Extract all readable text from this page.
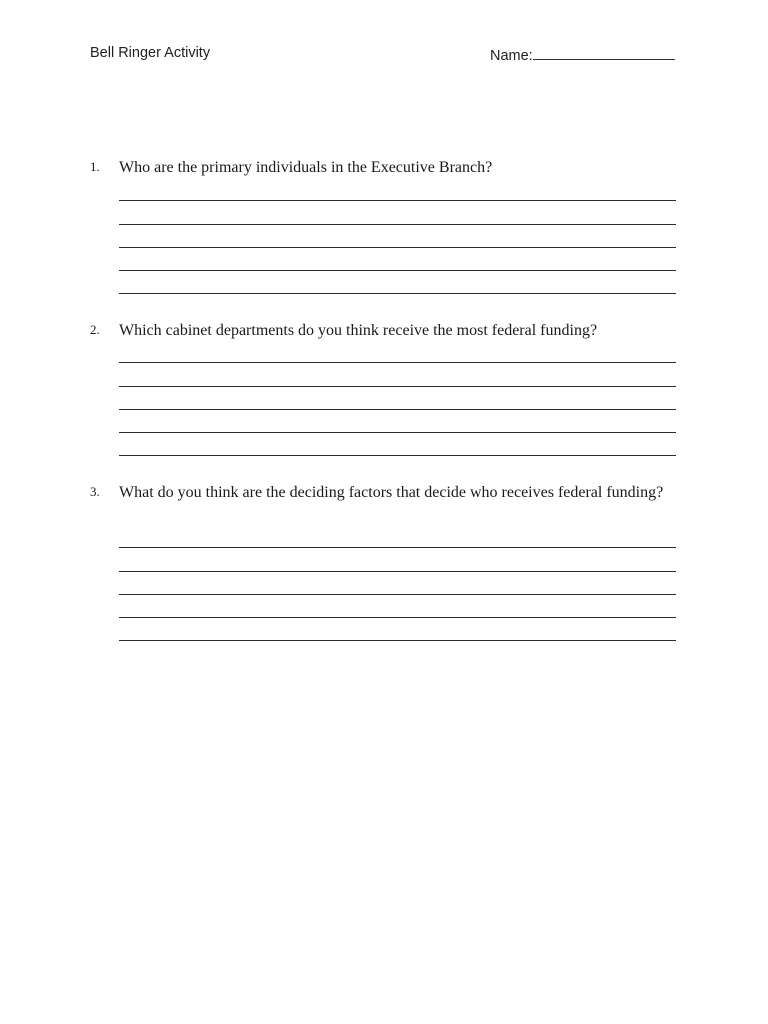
Bell Ringer Activity	Name:
1. Who are the primary individuals in the Executive Branch?
2. Which cabinet departments do you think receive the most federal funding?
3. What do you think are the deciding factors that decide who receives federal funding?
